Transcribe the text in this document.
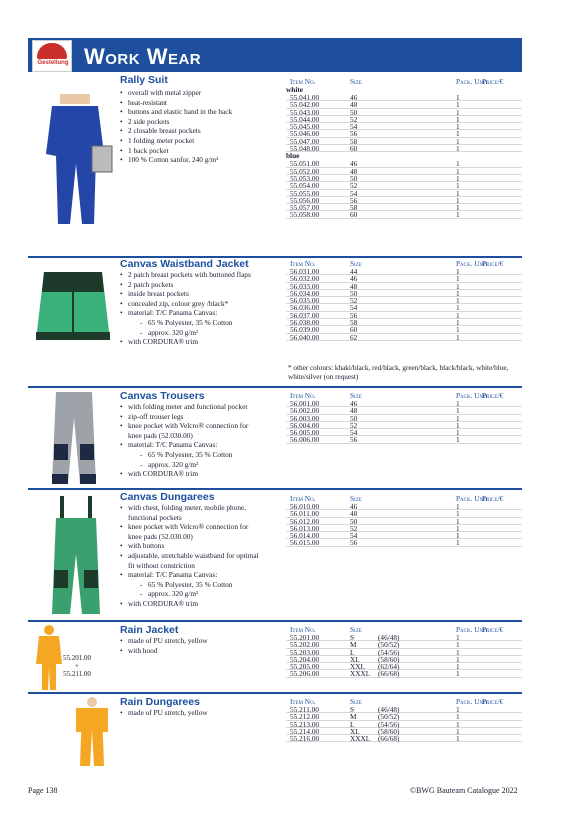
Gestellung Work Wear
Rally Suit
• overall with metal zipper
• heat-resistant
• buttons and elastic band in the back
• 2 side pockets
• 2 closable breast pockets
• 1 folding meter pocket
• 1 back pocket
• 100 % Cotton sanfor, 240 g/m²
Item No.	Size	Pack. Unit
Price/€
white
55.041.00	46	1
55.042.00	48	1
55.043.00	50	1
55.044.00	52	1
55.045.00	54	1
55.046.00	56	1
55.047.00	58	1
55.048.00	60	1
blue
55.051.00	46	1
55.052.00	48	1
55.053.00	50	1
55.054.00	52	1
55.055.00	54	1
55.056.00	56	1
55.057.00	58	1
55.058.00	60	1
Canvas Waistband Jacket
• 2 patch breast pockets with buttoned flaps
• 2 patch pockets
• inside breast pockets
• concealed zip, colour grey /black*
• material: T/C Panama Canvas:
- 65 % Polyester, 35 % Cotton
- approx. 320 g/m²
• with CORDURA® trim
Item No.	Size	Pack. Unit
Price/€
56.031.00	44	1
56.032.00	46	1
56.033.00	48	1
56.034.00	50	1
56.035.00	52	1
56.036.00	54	1
56.037.00	56	1
56.038.00	58	1
56.039.00	60	1
56.040.00	62	1
* other colours: khaki/black, red/black, green/black, black/black, white/blue, white/silver (on request)
Canvas Trousers
• with folding meter and functional pocket
• zip-off trouser legs
• knee pocket with Velcro® connection for
knee pads (52.030.00)
• material: T/C Panama Canvas:
- 65 % Polyester, 35 % Cotton
- approx. 320 g/m²
• with CORDURA® trim
Item No.	Size	Pack. Unit
Price/€
56.001.00	46	1
56.002.00	48	1
56.003.00	50	1
56.004.00	52	1
56.005.00	54	1
56.006.00	56	1
Canvas Dungarees
• with chest, folding meter, mobile phone,
functional pockets
• knee pocket with Velcro® connection for
knee pads (52.030.00)
• with buttons
• adjustable, stretchable waistband for optimal
fit without constriction
• material: T/C Panama Canvas:
- 65 % Polyester, 35 % Cotton
- approx. 320 g/m²
• with CORDURA® trim
Item No.	Size	Pack. Unit
Price/€
56.010.00	46	1
56.011.00	48	1
56.012.00	50	1
56.013.00	52	1
56.014.00	54	1
56.015.00	56	1
Rain Jacket
• made of PU stretch, yellow
• with hood
55.201.00
+
55.211.00
Item No.	Size	Pack. Unit
Price/€
55.201.00	S	(46/48)	1
55.202.00	M	(50/52)	1
55.203.00	L	(54/56)	1
55.204.00	XL	(58/60)	1
55.205.00	XXL (62/64)	1
55.206.00	XXXL (66/68)	1
Rain Dungarees
• made of PU stretch, yellow
Item No.	Size	Pack. Unit
Price/€
55.211.00	S	(46/48)	1
55.212.00	M	(50/52)	1
55.213.00	L	(54/56)	1
55.214.00	XL	(58/60)	1
55.216.00	XXXL (66/68)	1
Page 138	©BWG Bauteam Catalogue 2022
